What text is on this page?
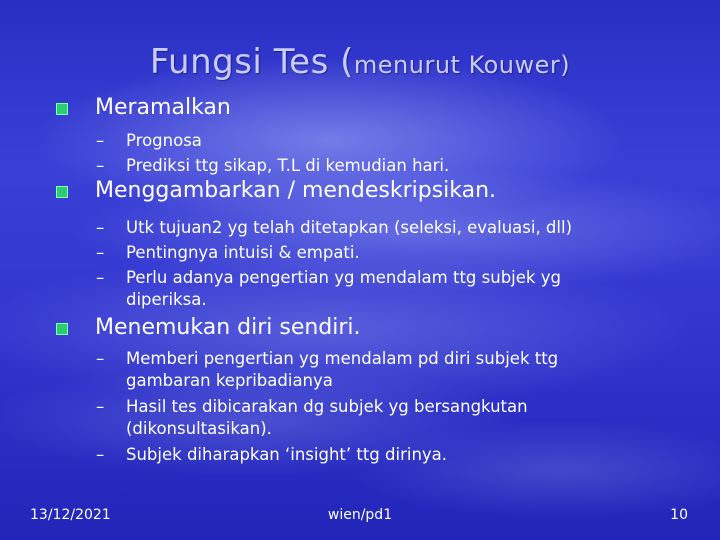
Fungsi Tes (menurut Kouwer)
Meramalkan
– Prognosa
– Prediksi ttg sikap, T.L di kemudian hari.
Menggambarkan / mendeskripsikan.
– Utk tujuan2 yg telah ditetapkan (seleksi, evaluasi, dll)
– Pentingnya intuisi & empati.
– Perlu adanya pengertian yg mendalam ttg subjek yg diperiksa.
Menemukan diri sendiri.
– Memberi pengertian yg mendalam pd diri subjek ttg gambaran kepribadianya
– Hasil tes dibicarakan dg subjek yg bersangkutan (dikonsultasikan).
– Subjek diharapkan ‘insight’ ttg dirinya.
13/12/2021	wien/pd1	10
